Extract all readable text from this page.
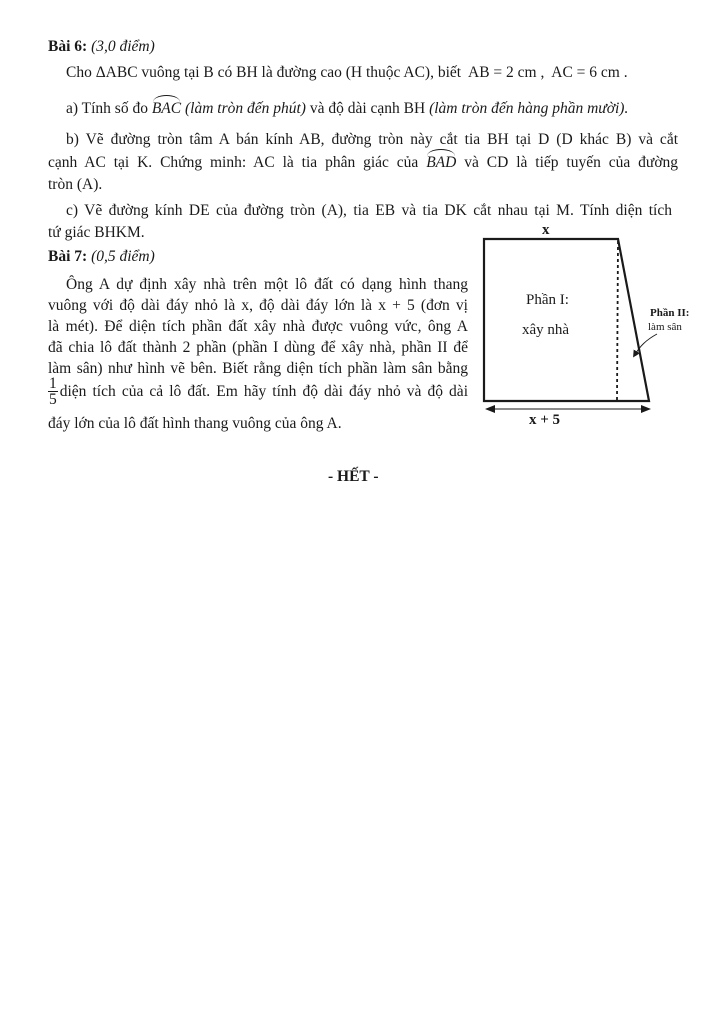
Bài 6: (3,0 điểm)
Cho ΔABC vuông tại B có BH là đường cao (H thuộc AC), biết AB = 2 cm , AC = 6 cm .
a) Tính số đo BAC (làm tròn đến phút) và độ dài cạnh BH (làm tròn đến hàng phần mười).
b) Vẽ đường tròn tâm A bán kính AB, đường tròn này cắt tia BH tại D (D khác B) và cắt
cạnh AC tại K. Chứng minh: AC là tia phân giác của BAD và CD là tiếp tuyến của đường
tròn (A).
c) Vẽ đường kính DE của đường tròn (A), tia EB và tia DK cắt nhau tại M. Tính diện tích
tứ giác BHKM.
Bài 7: (0,5 điểm)
Ông A dự định xây nhà trên một lô đất có dạng hình thang
vuông với độ dài đáy nhỏ là x, độ dài đáy lớn là x + 5 (đơn vị
là mét). Để diện tích phần đất xây nhà được vuông vức, ông A
đã chia lô đất thành 2 phần (phần I dùng để xây nhà, phần II để
làm sân) như hình vẽ bên. Biết rằng diện tích phần làm sân bằng
$\frac{1}{5}$ diện tích của cả lô đất. Em hãy tính độ dài đáy nhỏ và độ dài
đáy lớn của lô đất hình thang vuông của ông A.
x
x + 5
Phần I:
xây nhà
Phần II:
làm sân
- HẾT -
